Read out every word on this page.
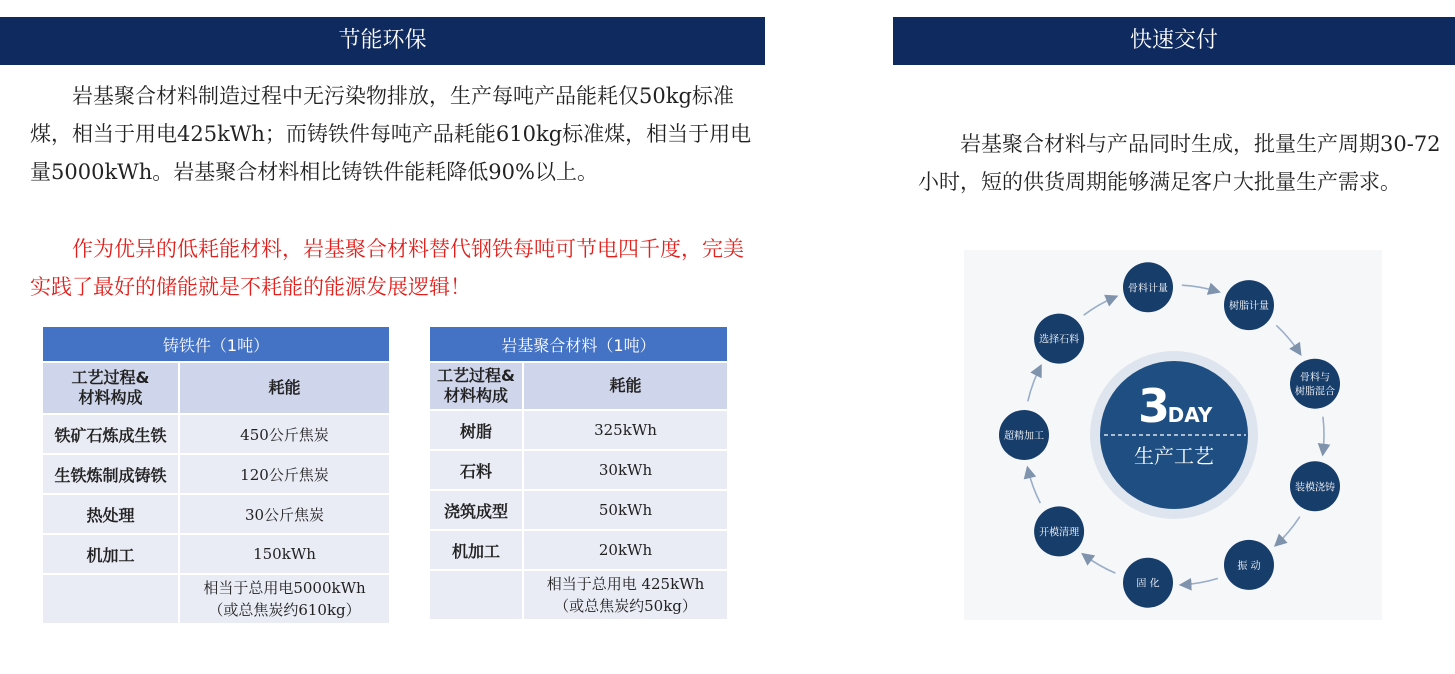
节能环保

　　岩基聚合材料制造过程中无污染物排放，生产每吨产品能耗仅50kg标准煤，相当于用电425kWh；而铸铁件每吨产品耗能610kg标准煤，相当于用电量5000kWh。岩基聚合材料相比铸铁件能耗降低90%以上。

　　作为优异的低耗能材料，岩基聚合材料替代钢铁每吨可节电四千度，完美实践了最好的储能就是不耗能的能源发展逻辑！

铸铁件（1吨）	
工艺过程&
材料构成	耗能
铁矿石炼成生铁	450公斤焦炭
生铁炼制成铸铁	120公斤焦炭
热处理	30公斤焦炭
机加工	150kWh

	相当于总用电5000kWh
（或总焦炭约610kg）
岩基聚合材料（1吨）	
工艺过程&
材料构成	耗能
树脂	325kWh
石料	30kWh
浇筑成型	50kWh
机加工	20kWh

	相当于总用电 425kWh
（或总焦炭约50kg）
快速交付

　　岩基聚合材料与产品同时生成，批量生产周期30-72小时，短的供货周期能够满足客户大批量生产需求。

3
DAY
生产工艺
骨料计量
树脂计量
骨料与
树脂混合
装模浇铸
振 动
固 化
开模清理
超精加工
选择石料
